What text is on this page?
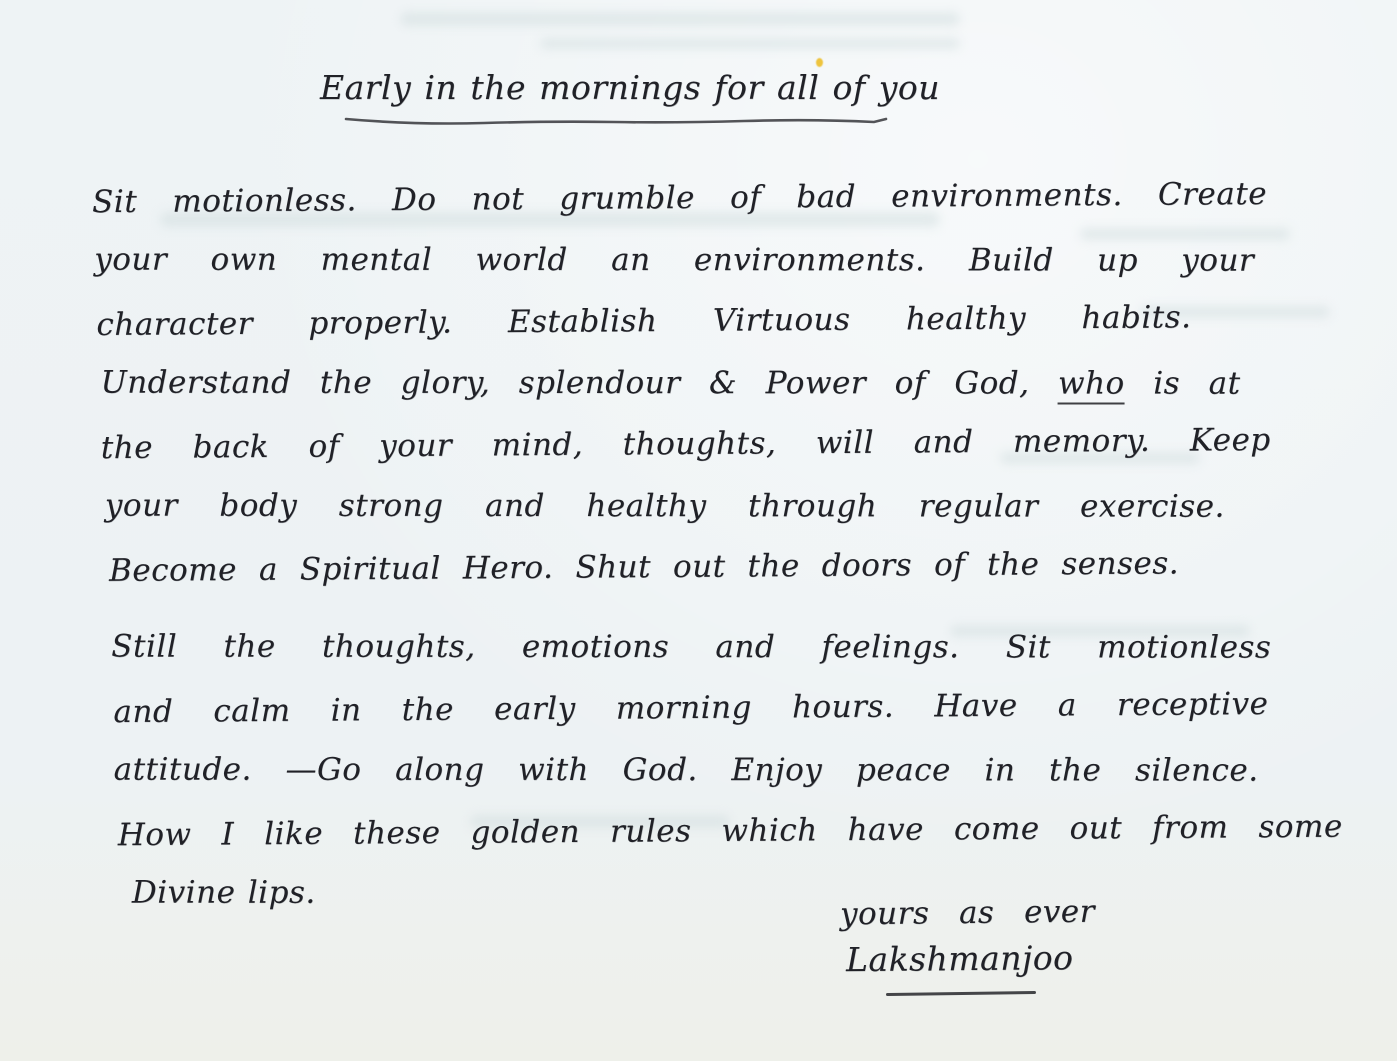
Early in the mornings for all of you
Sit motionless. Do not grumble of bad environments. Create
your own mental world an environments. Build up your
character properly. Establish Virtuous healthy habits.
Understand the glory, splendour & Power of God, who is at
the back of your mind, thoughts, will and memory. Keep
your body strong and healthy through regular exercise.
Become a Spiritual Hero. Shut out the doors of the senses.
Still the thoughts, emotions and feelings. Sit motionless
and calm in the early morning hours. Have a receptive
attitude. —Go along with God. Enjoy peace in the silence.
How I like these golden rules which have come out from some
Divine lips.
yours as ever
Lakshmanjoo
